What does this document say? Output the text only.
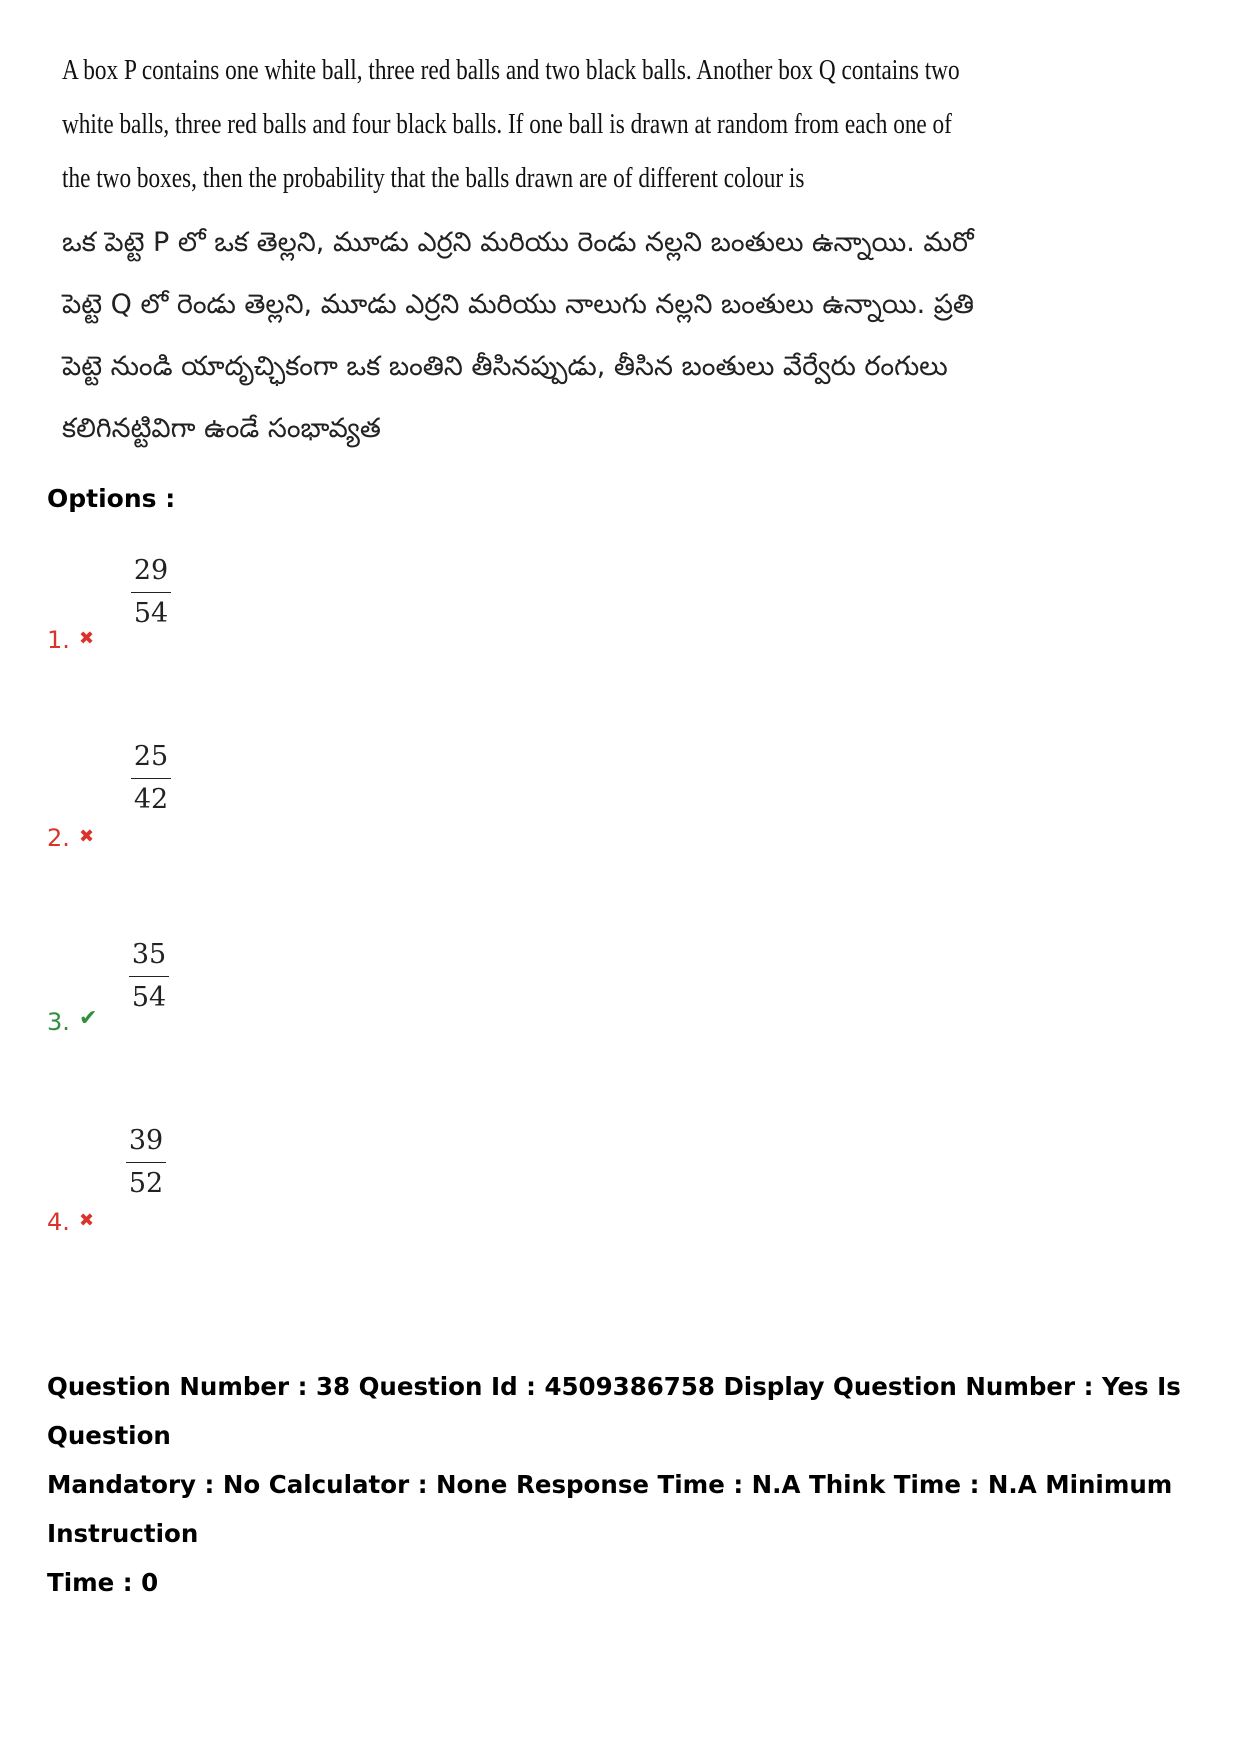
A box P contains one white ball, three red balls and two black balls. Another box Q contains two
white balls, three red balls and four black balls. If one ball is drawn at random from each one of
the two boxes, then the probability that the balls drawn are of different colour is
ఒక పెట్టె P లో ఒక తెల్లని, మూడు ఎర్రని మరియు రెండు నల్లని బంతులు ఉన్నాయి. మరో
పెట్టె Q లో రెండు తెల్లని, మూడు ఎర్రని మరియు నాలుగు నల్లని బంతులు ఉన్నాయి. ప్రతి
పెట్టె నుండి యాదృచ్ఛికంగా ఒక బంతిని తీసినప్పుడు, తీసిన బంతులు వేర్వేరు రంగులు
కలిగినట్టివిగా ఉండే సంభావ్యత
Options :
1. ✖
$\frac{29}{54}$
2. ✖
$\frac{25}{42}$
3. ✔
$\frac{35}{54}$
4. ✖
$\frac{39}{52}$
Question Number : 38 Question Id : 4509386758 Display Question Number : Yes Is Question
Mandatory : No Calculator : None Response Time : N.A Think Time : N.A Minimum Instruction
Time : 0
